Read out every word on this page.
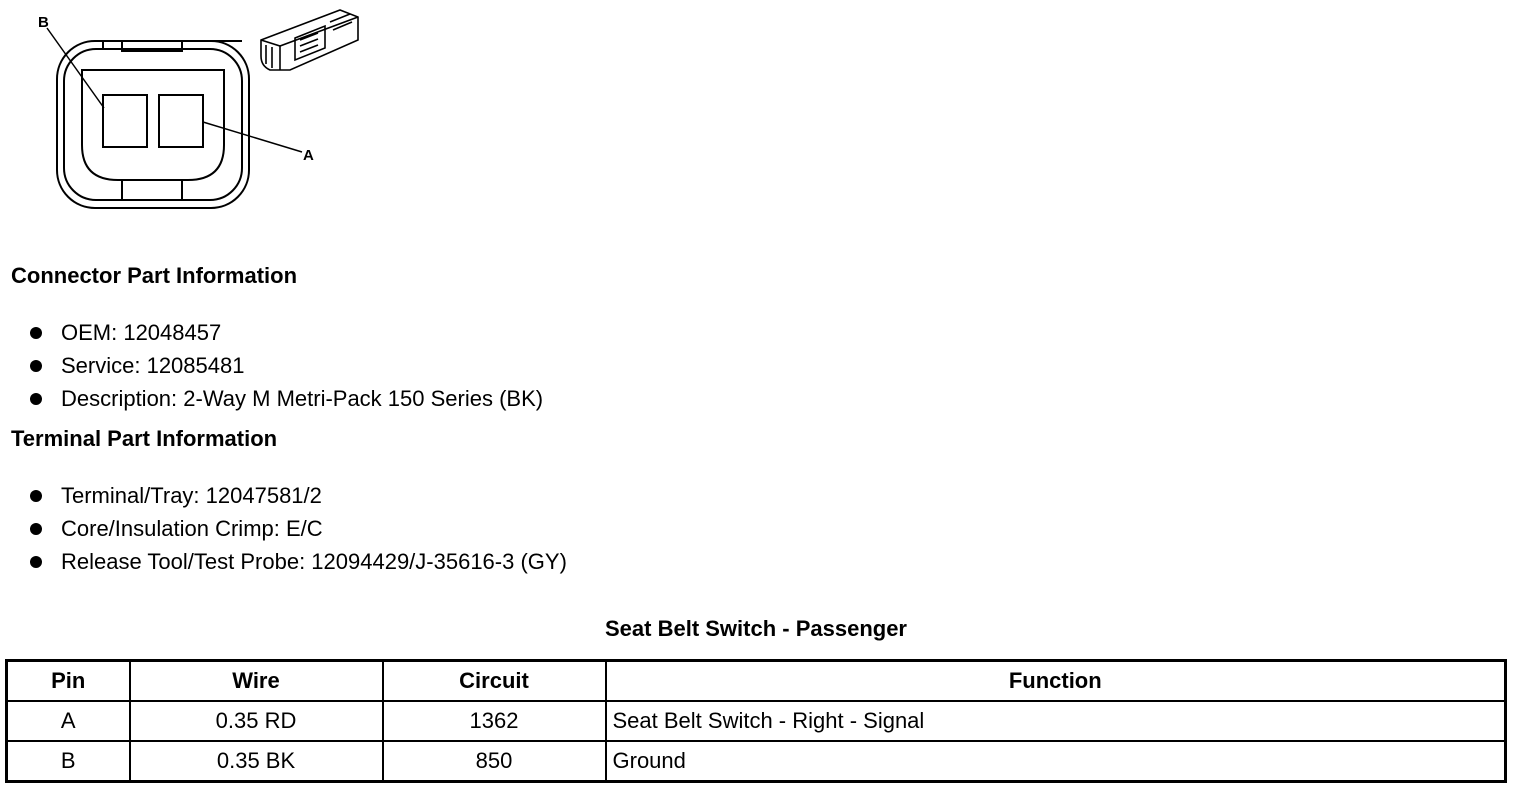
B
A
Connector Part Information
OEM: 12048457
Service: 12085481
Description: 2-Way M Metri-Pack 150 Series (BK)
Terminal Part Information
Terminal/Tray: 12047581/2
Core/Insulation Crimp: E/C
Release Tool/Test Probe: 12094429/J-35616-3 (GY)
Seat Belt Switch - Passenger
Pin	Wire	Circuit	Function
A	0.35 RD	1362	Seat Belt Switch - Right - Signal
B	0.35 BK	850	Ground
